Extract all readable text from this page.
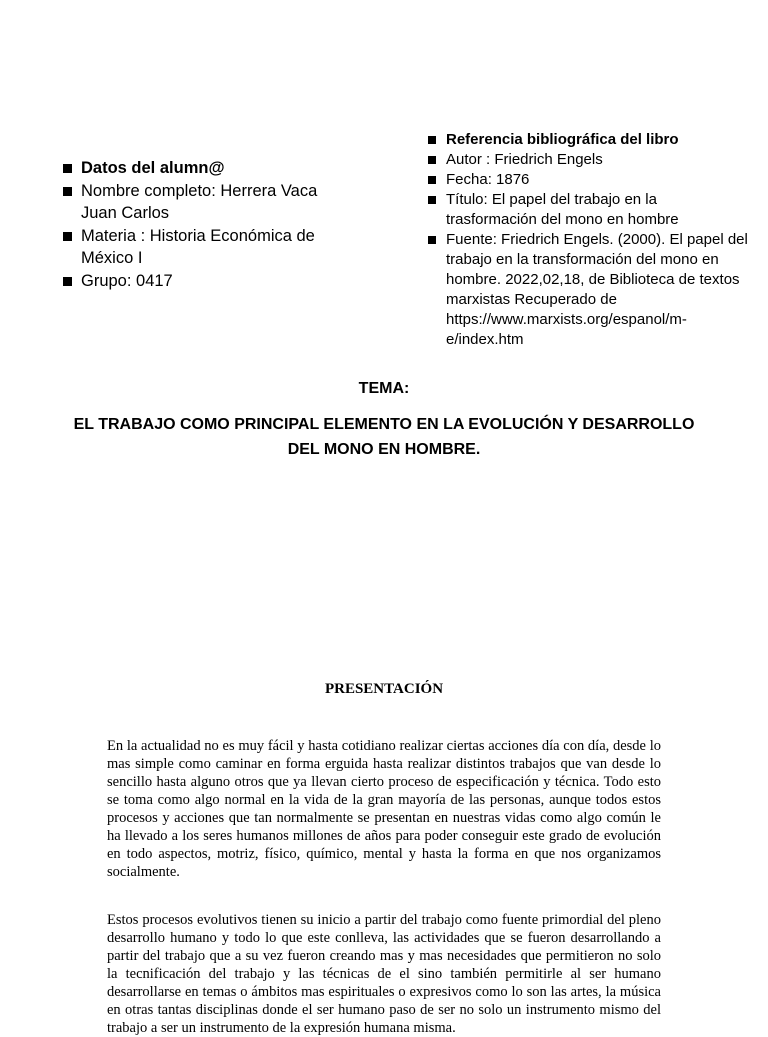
Datos del alumn@
Nombre completo: Herrera Vaca Juan Carlos
Materia : Historia Económica de México I
Grupo: 0417
Referencia bibliográfica del libro
Autor : Friedrich Engels
Fecha: 1876
Título: El papel del trabajo en la trasformación del mono en hombre
Fuente: Friedrich Engels. (2000). El papel del trabajo en la transformación del mono en hombre. 2022,02,18, de Biblioteca de textos marxistas Recuperado de https://www.marxists.org/espanol/m-e/index.htm
TEMA:
EL TRABAJO COMO PRINCIPAL ELEMENTO EN LA EVOLUCIÓN Y DESARROLLO DEL MONO EN HOMBRE.
PRESENTACIÓN

En la actualidad no es muy fácil y hasta cotidiano realizar ciertas acciones día con día, desde lo mas simple como caminar en forma erguida hasta realizar distintos trabajos que van desde lo sencillo hasta alguno otros que ya llevan cierto proceso de especificación y técnica. Todo esto se toma como algo normal en la vida de la gran mayoría de las personas, aunque todos estos procesos y acciones que tan normalmente se presentan en nuestras vidas como algo común le ha llevado a los seres humanos millones de años para poder conseguir este grado de evolución en todo aspectos, motriz, físico, químico, mental y hasta la forma en que nos organizamos socialmente.

Estos procesos evolutivos tienen su inicio a partir del trabajo como fuente primordial del pleno desarrollo humano y todo lo que este conlleva, las actividades que se fueron desarrollando a partir del trabajo que a su vez fueron creando mas y mas necesidades que permitieron no solo la tecnificación del trabajo y las técnicas de el sino también permitirle al ser humano desarrollarse en temas o ámbitos mas espirituales o expresivos como lo son las artes, la música en otras tantas disciplinas donde el ser humano paso de ser no solo un instrumento mismo del trabajo a ser un instrumento de la expresión humana misma.
